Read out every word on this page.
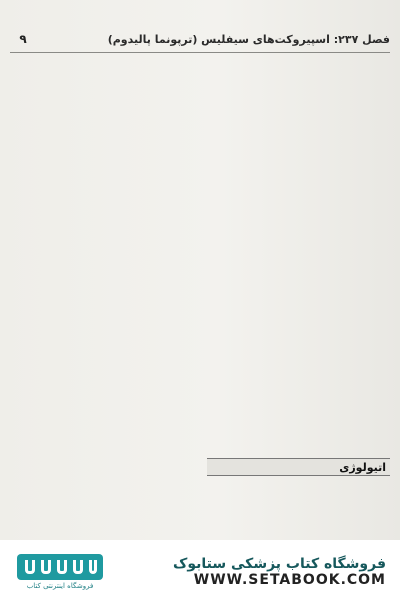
فصل ۲۳۷: اسپیروکت‌های سیفلیس (ترپونما پالیدوم)
۹
اتیولوژی
فروشگاه اینترنتی کتاب
فروشگاه کتاب پزشکی ستابوک
WWW.SETABOOK.COM
